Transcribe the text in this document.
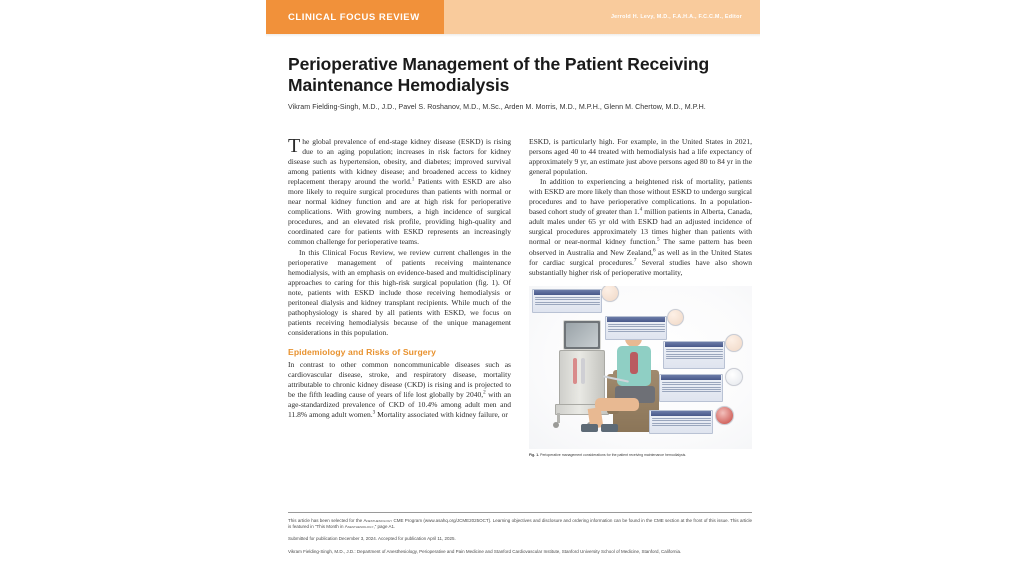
CLINICAL FOCUS REVIEW	Jerrold H. Levy, M.D., F.A.H.A., F.C.C.M., Editor
Perioperative Management of the Patient Receiving Maintenance Hemodialysis
Vikram Fielding-Singh, M.D., J.D., Pavel S. Roshanov, M.D., M.Sc., Arden M. Morris, M.D., M.P.H., Glenn M. Chertow, M.D., M.P.H.

The global prevalence of end-stage kidney disease (ESKD) is rising due to an aging population; increases in risk factors for kidney disease such as hypertension, obesity, and diabetes; improved survival among patients with kidney disease; and broadened access to kidney replacement therapy around the world.$^1$ Patients with ESKD are also more likely to require surgical procedures than patients with normal or near normal kidney function and are at high risk for perioperative complications. With growing numbers, a high incidence of surgical procedures, and an elevated risk profile, providing high-quality and coordinated care for patients with ESKD represents an increasingly common challenge for perioperative teams.

In this Clinical Focus Review, we review current challenges in the perioperative management of patients receiving maintenance hemodialysis, with an emphasis on evidence-based and multidisciplinary approaches to caring for this high-risk surgical population (fig. 1). Of note, patients with ESKD include those receiving hemodialysis or peritoneal dialysis and kidney transplant recipients. While much of the pathophysiology is shared by all patients with ESKD, we focus on patients receiving hemodialysis because of the unique management considerations in this population.

Epidemiology and Risks of Surgery

In contrast to other common noncommunicable diseases such as cardiovascular disease, stroke, and respiratory disease, mortality attributable to chronic kidney disease (CKD) is rising and is projected to be the fifth leading cause of years of life lost globally by 2040,$^2$ with an age-standardized prevalence of CKD of 10.4% among adult men and 11.8% among adult women.$^3$ Mortality associated with kidney failure, or

ESKD, is particularly high. For example, in the United States in 2021, persons aged 40 to 44 treated with hemodialysis had a life expectancy of approximately 9 yr, an estimate just above persons aged 80 to 84 yr in the general population.

In addition to experiencing a heightened risk of mortality, patients with ESKD are more likely than those without ESKD to undergo surgical procedures and to have perioperative complications. In a population-based cohort study of greater than 1.$^4$ million patients in Alberta, Canada, adult males under 65 yr old with ESKD had an adjusted incidence of surgical procedures approximately 13 times higher than patients with normal or near-normal kidney function.$^5$ The same pattern has been observed in Australia and New Zealand,$^6$ as well as in the United States for cardiac surgical procedures.$^7$ Several studies have also shown substantially higher risk of perioperative mortality,

Fig. 1. Perioperative management considerations for the patient receiving maintenance hemodialysis.

This article has been selected for the Anesthesiology CME Program (www.asahq.org/JCME2025OCT). Learning objectives and disclosure and ordering information can be found in the CME section at the front of this issue. This article is featured in “This Month in Anesthesiology,” page A1.

Submitted for publication December 3, 2024. Accepted for publication April 11, 2025.

Vikram Fielding-Singh, M.D., J.D.: Department of Anesthesiology, Perioperative and Pain Medicine and Stanford Cardiovascular Institute, Stanford University School of Medicine, Stanford, California.
